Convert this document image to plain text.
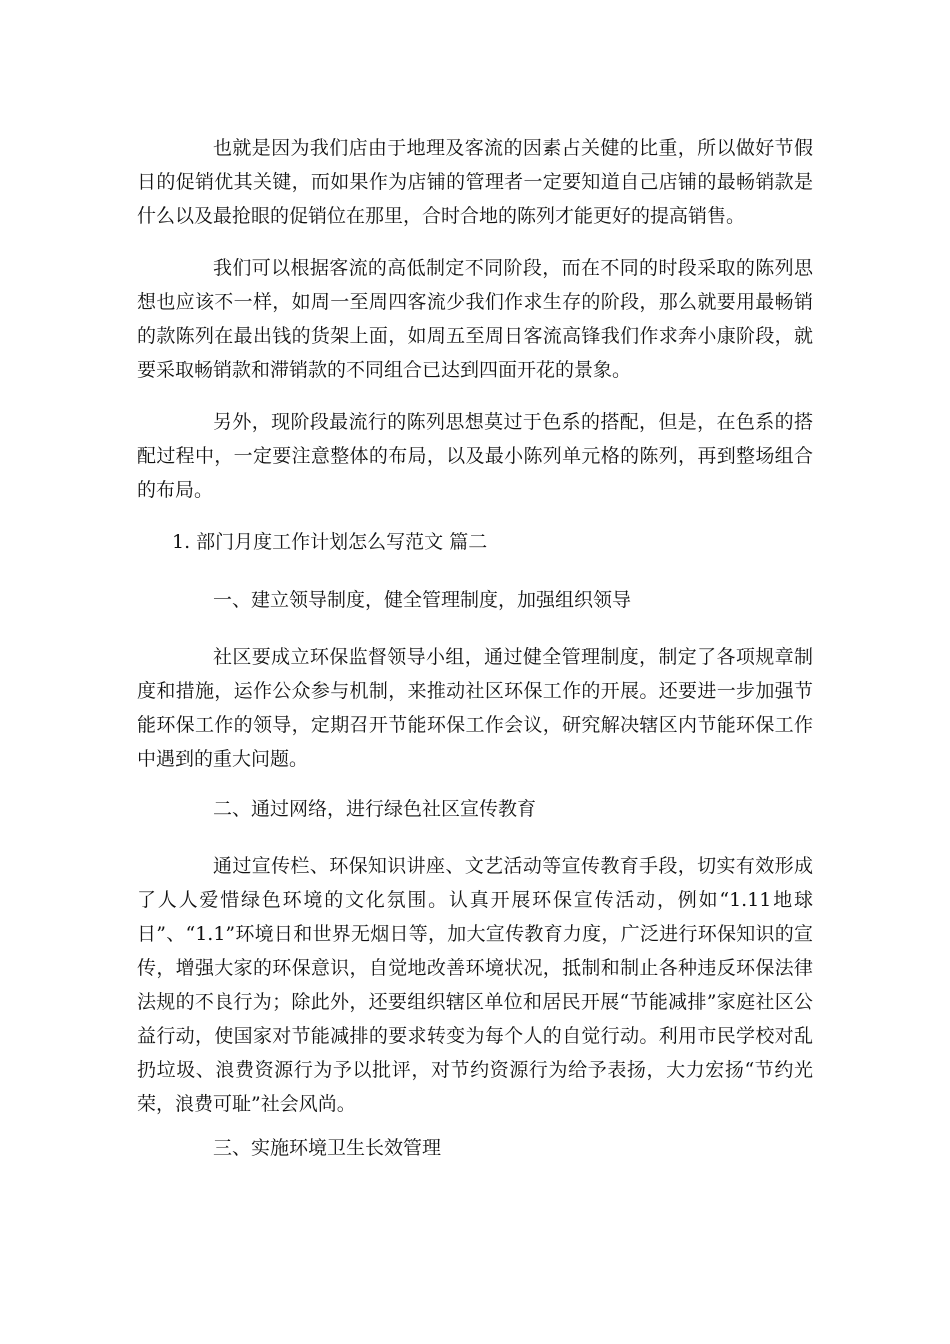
也就是因为我们店由于地理及客流的因素占关健的比重，所以做好节假日的促销优其关键，而如果作为店铺的管理者一定要知道自己店铺的最畅销款是什么以及最抢眼的促销位在那里，合时合地的陈列才能更好的提高销售。

我们可以根据客流的高低制定不同阶段，而在不同的时段采取的陈列思想也应该不一样，如周一至周四客流少我们作求生存的阶段，那么就要用最畅销的款陈列在最出钱的货架上面，如周五至周日客流高锋我们作求奔小康阶段，就要采取畅销款和滞销款的不同组合已达到四面开花的景象。

另外，现阶段最流行的陈列思想莫过于色系的搭配，但是，在色系的搭配过程中，一定要注意整体的布局，以及最小陈列单元格的陈列，再到整场组合的布局。

1. 部门月度工作计划怎么写范文 篇二

一、建立领导制度，健全管理制度，加强组织领导

社区要成立环保监督领导小组，通过健全管理制度，制定了各项规章制度和措施，运作公众参与机制，来推动社区环保工作的开展。还要进一步加强节能环保工作的领导，定期召开节能环保工作会议，研究解决辖区内节能环保工作中遇到的重大问题。

二、通过网络，进行绿色社区宣传教育

通过宣传栏、环保知识讲座、文艺活动等宣传教育手段，切实有效形成了人人爱惜绿色环境的文化氛围。认真开展环保宣传活动，例如“1.11地球日”、“1.1”环境日和世界无烟日等，加大宣传教育力度，广泛进行环保知识的宣传，增强大家的环保意识，自觉地改善环境状况，抵制和制止各种违反环保法律法规的不良行为；除此外，还要组织辖区单位和居民开展“节能减排”家庭社区公益行动，使国家对节能减排的要求转变为每个人的自觉行动。利用市民学校对乱扔垃圾、浪费资源行为予以批评，对节约资源行为给予表扬，大力宏扬“节约光荣，浪费可耻”社会风尚。

三、实施环境卫生长效管理
